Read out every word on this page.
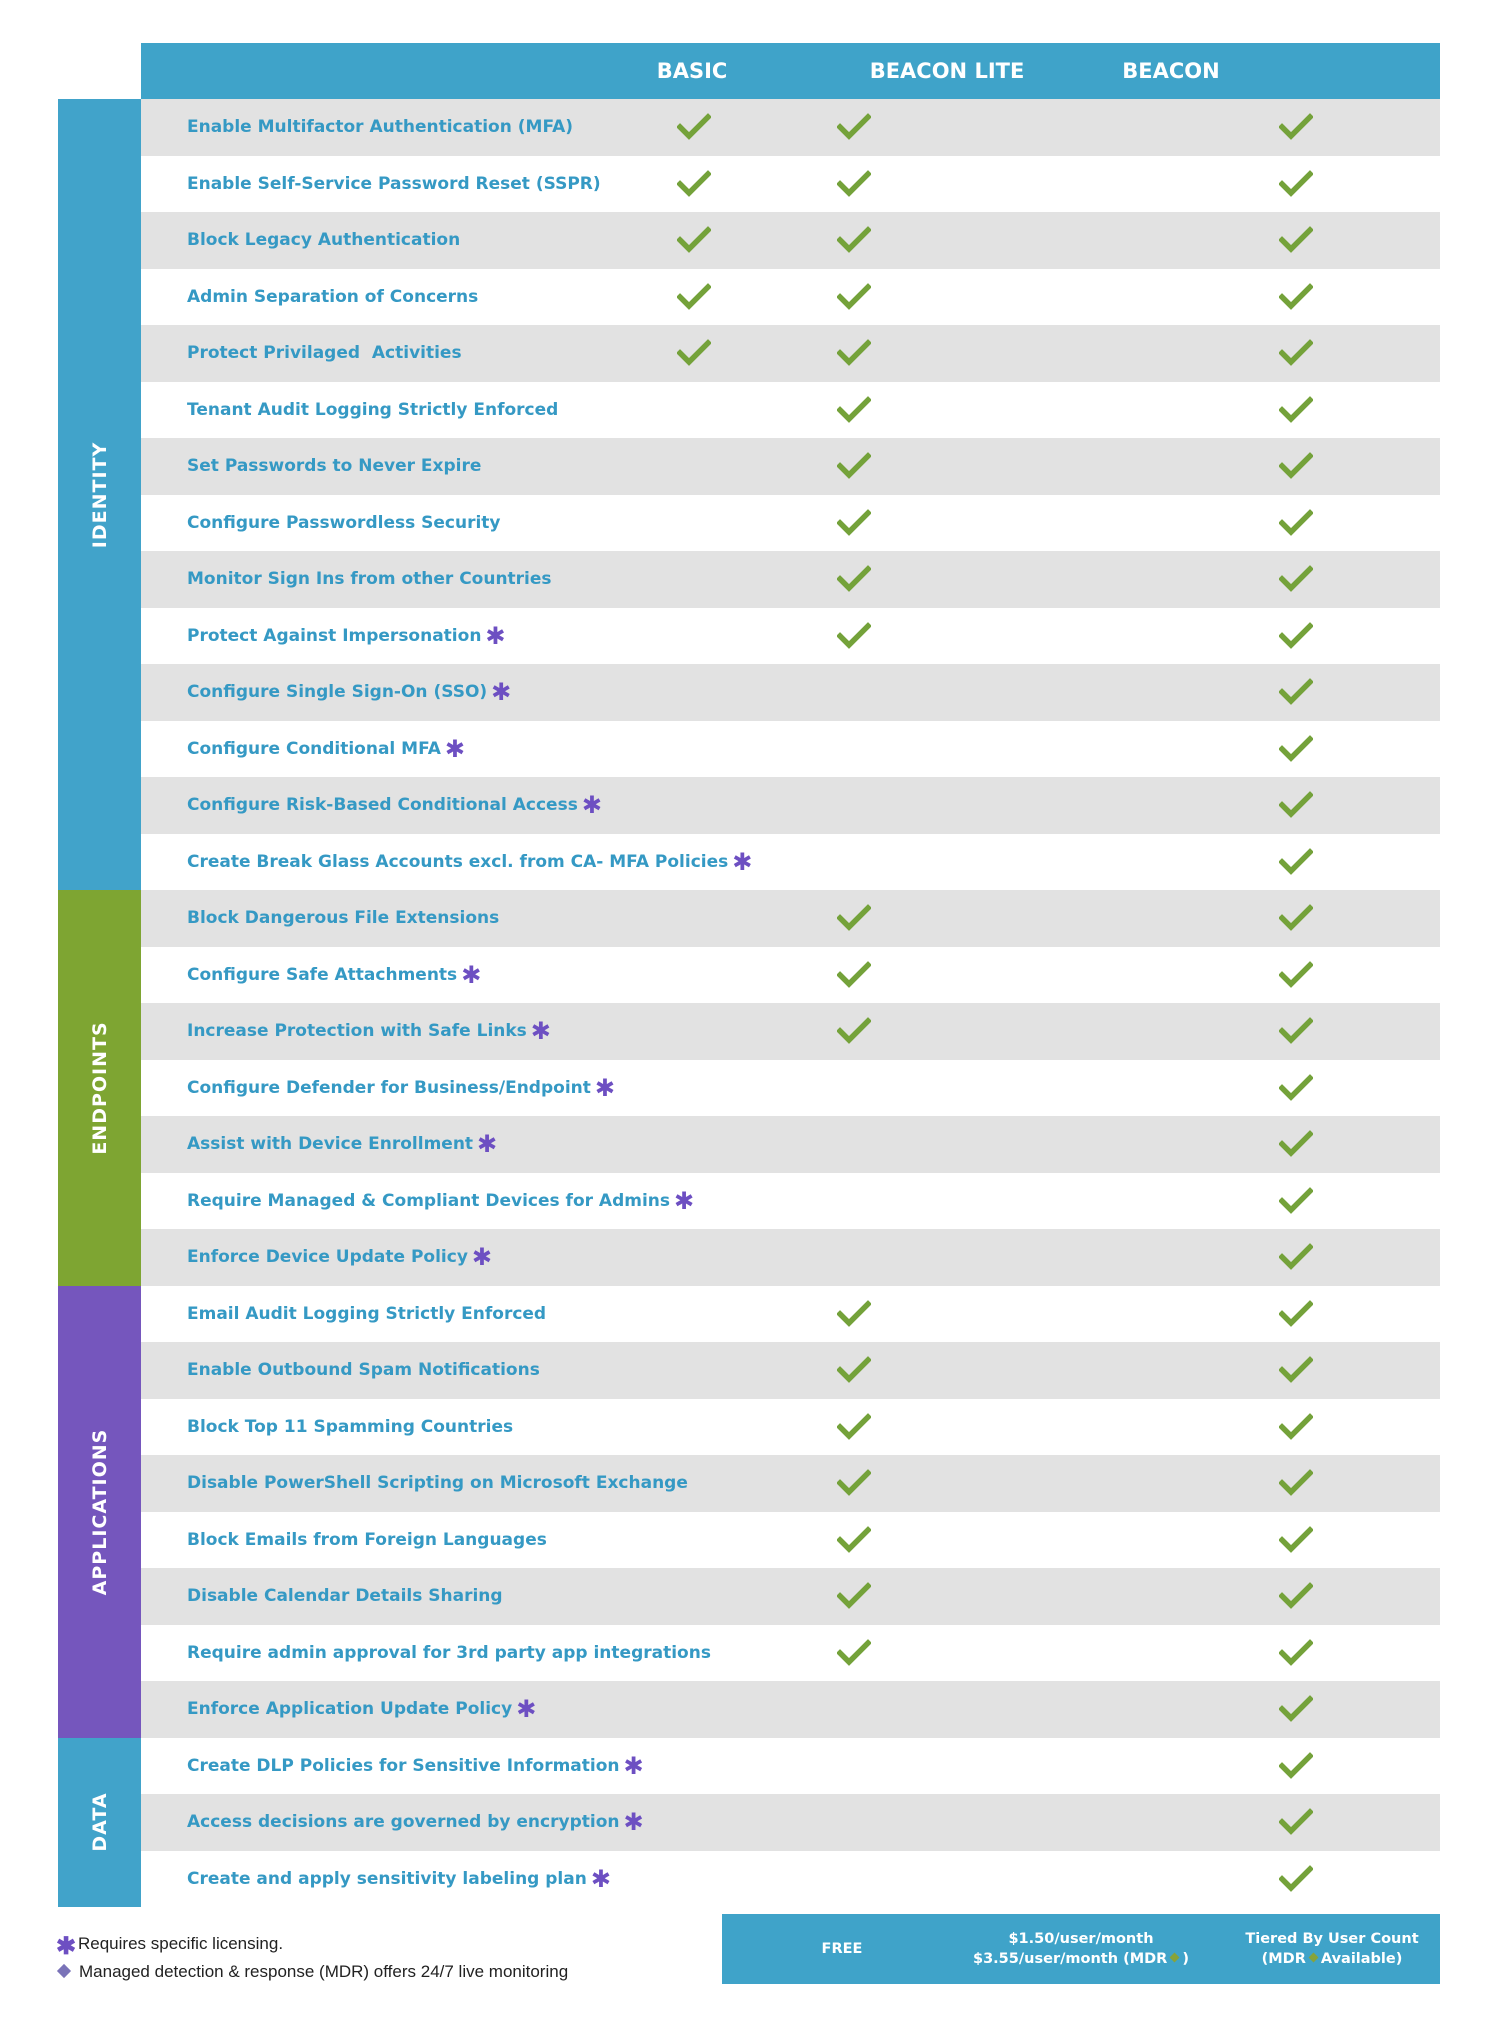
BASIC	BEACON LITE	BEACON
IDENTITY
ENDPOINTS
APPLICATIONS
DATA
Enable Multifactor Authentication (MFA)
Enable Self-Service Password Reset (SSPR)
Block Legacy Authentication
Admin Separation of Concerns
Protect Privilaged  Activities
Tenant Audit Logging Strictly Enforced
Set Passwords to Never Expire
Configure Passwordless Security
Monitor Sign Ins from other Countries
Protect Against Impersonation ✱
Configure Single Sign-On (SSO) ✱
Configure Conditional MFA ✱
Configure Risk-Based Conditional Access ✱
Create Break Glass Accounts excl. from CA- MFA Policies ✱
Block Dangerous File Extensions
Configure Safe Attachments ✱
Increase Protection with Safe Links ✱
Configure Defender for Business/Endpoint ✱
Assist with Device Enrollment ✱
Require Managed & Compliant Devices for Admins ✱
Enforce Device Update Policy ✱
Email Audit Logging Strictly Enforced
Enable Outbound Spam Notifications
Block Top 11 Spamming Countries
Disable PowerShell Scripting on Microsoft Exchange
Block Emails from Foreign Languages
Disable Calendar Details Sharing
Require admin approval for 3rd party app integrations
Enforce Application Update Policy ✱
Create DLP Policies for Sensitive Information ✱
Access decisions are governed by encryption ✱
Create and apply sensitivity labeling plan ✱
FREE
$1.50/user/month
$3.55/user/month (MDR )
Tiered By User Count
(MDR Available)
✱ Requires specific licensing.
Managed detection & response (MDR) offers 24/7 live monitoring
